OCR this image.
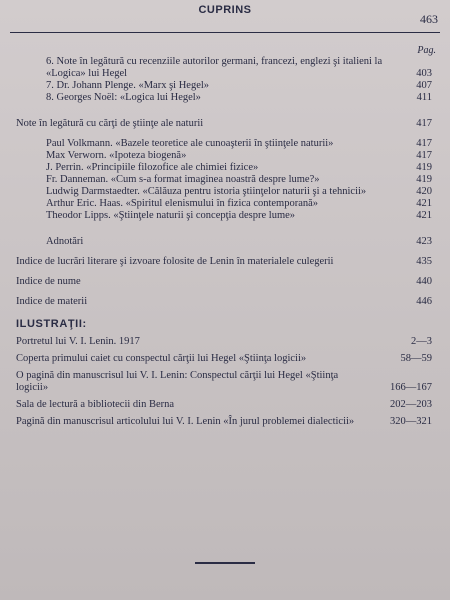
CUPRINS
463
Pag.
6. Note în legătură cu recenziile autorilor germani, francezi, englezi şi italieni la «Logica» lui Hegel	403
7. Dr. Johann Plenge. «Marx şi Hegel»	407
8. Georges Noël: «Logica lui Hegel»	411
Note în legătură cu cărţi de ştiinţe ale naturii	417
Paul Volkmann. «Bazele teoretice ale cunoaşterii în ştiinţele naturii»	417
Max Verworn. «Ipoteza biogenă»	417
J. Perrin. «Principiile filozofice ale chimiei fizice»	419
Fr. Danneman. «Cum s-a format imaginea noastră despre lume?»	419
Ludwig Darmstaedter. «Călăuza pentru istoria ştiinţelor naturii şi a tehnicii»	420
Arthur Eric. Haas. «Spiritul elenismului în fizica contemporană»	421
Theodor Lipps. «Ştiinţele naturii şi concepţia despre lume»	421
Adnotări	423
Indice de lucrări literare şi izvoare folosite de Lenin în materialele culegerii	435
Indice de nume	440
Indice de materii	446
ILUSTRAŢII:
Portretul lui V. I. Lenin. 1917	2—3
Coperta primului caiet cu conspectul cărţii lui Hegel «Ştiinţa logicii»	58—59
O pagină din manuscrisul lui V. I. Lenin: Conspectul cărţii lui Hegel «Ştiinţa logicii»	166—167
Sala de lectură a bibliotecii din Berna	202—203
Pagină din manuscrisul articolului lui V. I. Lenin «În jurul problemei dialecticii»	320—321
